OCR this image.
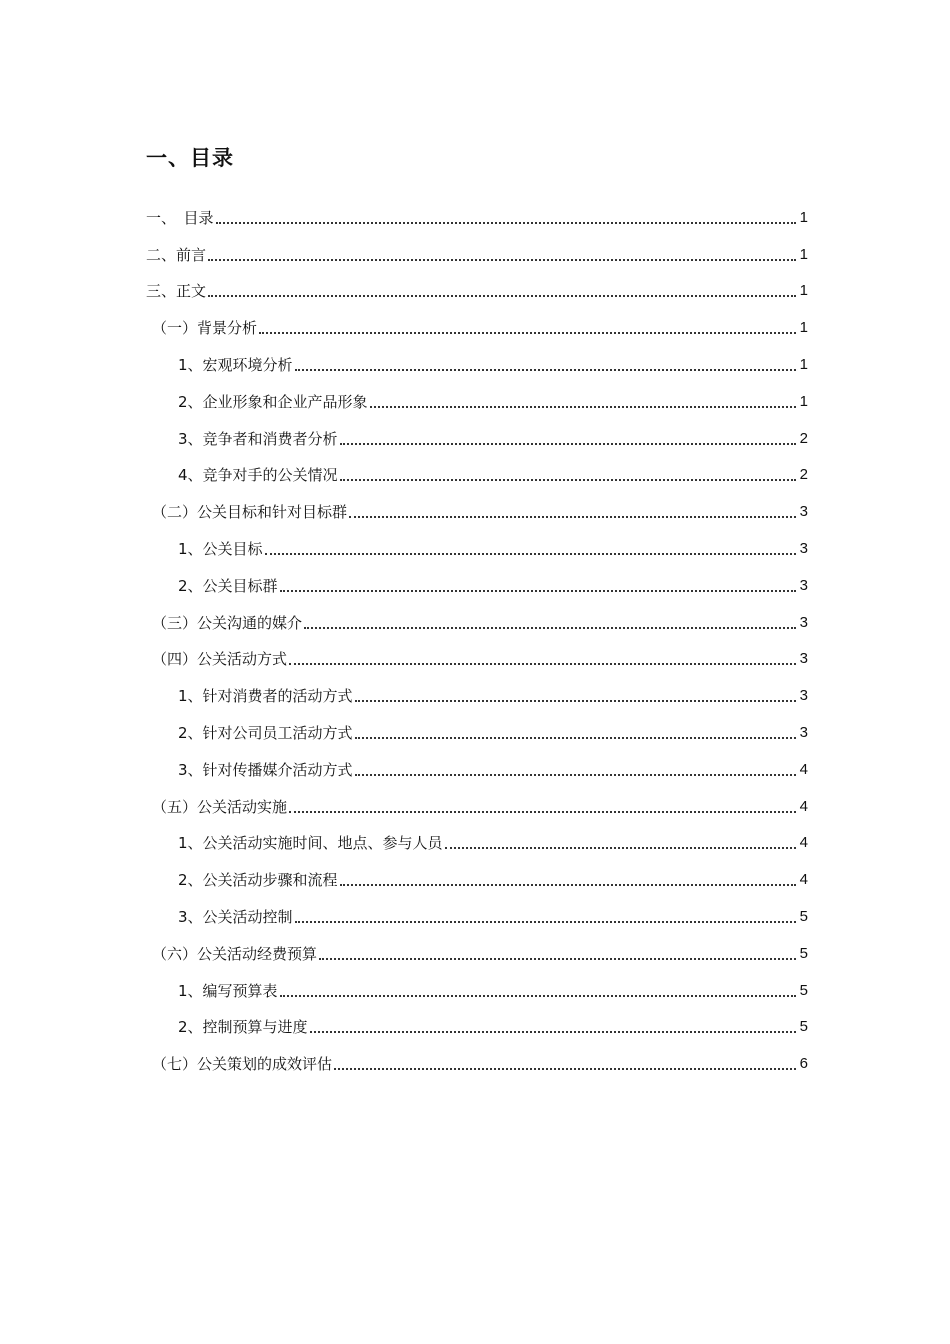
一、目录
一、　目录	1
二、前言	1
三、正文	1
（一）背景分析	1
1、宏观环境分析	1
2、企业形象和企业产品形象	1
3、竞争者和消费者分析	2
4、竞争对手的公关情况	2
（二）公关目标和针对目标群	3
1、公关目标	3
2、公关目标群	3
（三）公关沟通的媒介	3
（四）公关活动方式	3
1、针对消费者的活动方式	3
2、针对公司员工活动方式	3
3、针对传播媒介活动方式	4
（五）公关活动实施	4
1、公关活动实施时间、地点、参与人员	4
2、公关活动步骤和流程	4
3、公关活动控制	5
（六）公关活动经费预算	5
1、编写预算表	5
2、控制预算与进度	5
（七）公关策划的成效评估	6
